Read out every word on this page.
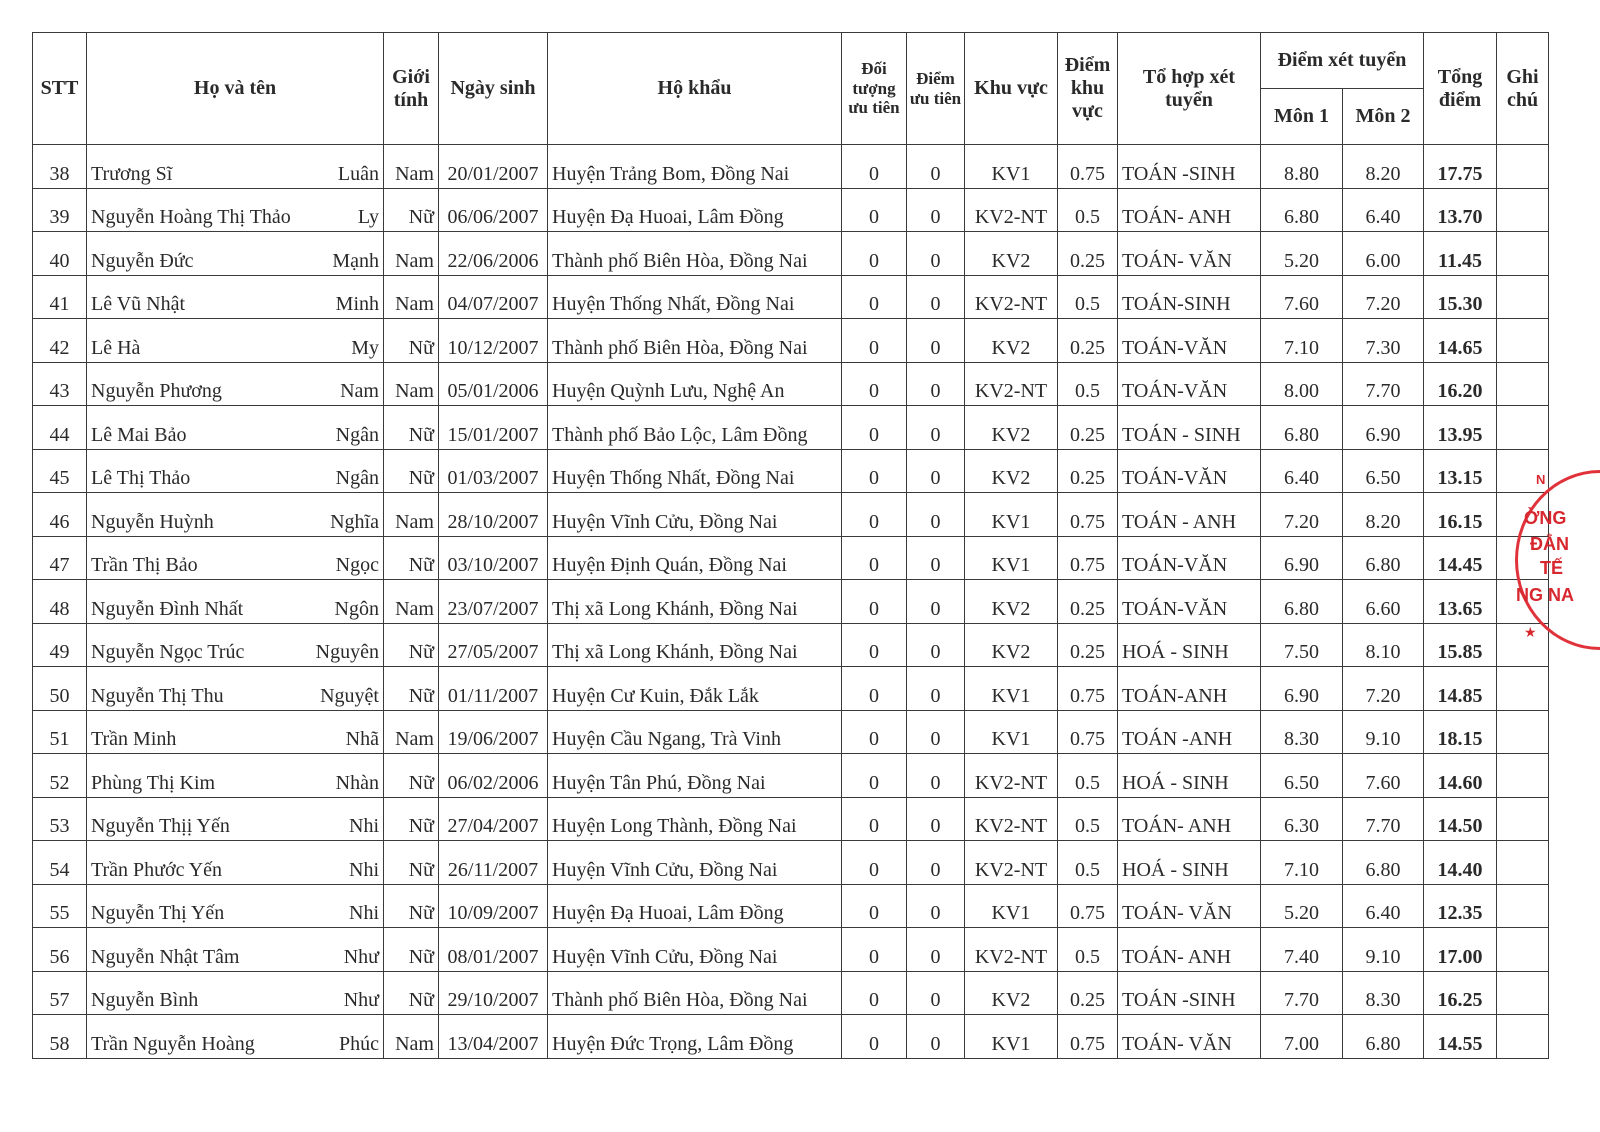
STT	Họ và tên	Giới tính	Ngày sinh	Hộ khẩu	Đối tượng ưu tiên	Điểm ưu tiên	Khu vực	Điểm khu vực	Tổ hợp xét tuyển	Điểm xét tuyển		Tổng điểm	Ghi chú
										Môn 1	Môn 2		
38	Trương Sĩ Luân	Nam	20/01/2007	Huyện Trảng Bom, Đồng Nai	0	0	KV1	0.75	TOÁN -SINH	8.80	8.20	17.75	
39	Nguyễn Hoàng Thị Thảo Ly	Nữ	06/06/2007	Huyện Đạ Huoai, Lâm Đồng	0	0	KV2-NT	0.5	TOÁN- ANH	6.80	6.40	13.70	
40	Nguyễn Đức Mạnh	Nam	22/06/2006	Thành phố Biên Hòa, Đồng Nai	0	0	KV2	0.25	TOÁN- VĂN	5.20	6.00	11.45	
41	Lê Vũ Nhật Minh	Nam	04/07/2007	Huyện Thống Nhất, Đồng Nai	0	0	KV2-NT	0.5	TOÁN-SINH	7.60	7.20	15.30	
42	Lê Hà My	Nữ	10/12/2007	Thành phố Biên Hòa, Đồng Nai	0	0	KV2	0.25	TOÁN-VĂN	7.10	7.30	14.65	
43	Nguyễn Phương Nam	Nam	05/01/2006	Huyện Quỳnh Lưu, Nghệ An	0	0	KV2-NT	0.5	TOÁN-VĂN	8.00	7.70	16.20	
44	Lê Mai Bảo Ngân	Nữ	15/01/2007	Thành phố Bảo Lộc, Lâm Đồng	0	0	KV2	0.25	TOÁN - SINH	6.80	6.90	13.95	
45	Lê Thị Thảo Ngân	Nữ	01/03/2007	Huyện Thống Nhất, Đồng Nai	0	0	KV2	0.25	TOÁN-VĂN	6.40	6.50	13.15	
46	Nguyễn Huỳnh Nghĩa	Nam	28/10/2007	Huyện Vĩnh Cửu, Đồng Nai	0	0	KV1	0.75	TOÁN - ANH	7.20	8.20	16.15	
47	Trần Thị Bảo Ngọc	Nữ	03/10/2007	Huyện Định Quán, Đồng Nai	0	0	KV1	0.75	TOÁN-VĂN	6.90	6.80	14.45	
48	Nguyễn Đình Nhất Ngôn	Nam	23/07/2007	Thị xã Long Khánh, Đồng Nai	0	0	KV2	0.25	TOÁN-VĂN	6.80	6.60	13.65	
49	Nguyễn Ngọc Trúc Nguyên	Nữ	27/05/2007	Thị xã Long Khánh, Đồng Nai	0	0	KV2	0.25	HOÁ - SINH	7.50	8.10	15.85	
50	Nguyễn Thị Thu Nguyệt	Nữ	01/11/2007	Huyện Cư Kuin, Đắk Lắk	0	0	KV1	0.75	TOÁN-ANH	6.90	7.20	14.85	
51	Trần Minh Nhã	Nam	19/06/2007	Huyện Cầu Ngang, Trà Vinh	0	0	KV1	0.75	TOÁN -ANH	8.30	9.10	18.15	
52	Phùng Thị Kim Nhàn	Nữ	06/02/2006	Huyện Tân Phú, Đồng Nai	0	0	KV2-NT	0.5	HOÁ - SINH	6.50	7.60	14.60	
53	Nguyễn Thịị Yến Nhi	Nữ	27/04/2007	Huyện Long Thành, Đồng Nai	0	0	KV2-NT	0.5	TOÁN- ANH	6.30	7.70	14.50	
54	Trần Phước Yến Nhi	Nữ	26/11/2007	Huyện Vĩnh Cửu, Đồng Nai	0	0	KV2-NT	0.5	HOÁ - SINH	7.10	6.80	14.40	
55	Nguyễn Thị Yến Nhi	Nữ	10/09/2007	Huyện Đạ Huoai, Lâm Đồng	0	0	KV1	0.75	TOÁN- VĂN	5.20	6.40	12.35	
56	Nguyễn Nhật Tâm Như	Nữ	08/01/2007	Huyện Vĩnh Cửu, Đồng Nai	0	0	KV2-NT	0.5	TOÁN- ANH	7.40	9.10	17.00	
57	Nguyễn Bình Như	Nữ	29/10/2007	Thành phố Biên Hòa, Đồng Nai	0	0	KV2	0.25	TOÁN -SINH	7.70	8.30	16.25	
58	Trần Nguyễn Hoàng Phúc	Nam	13/04/2007	Huyện Đức Trọng, Lâm Đồng	0	0	KV1	0.75	TOÁN- VĂN	7.00	6.80	14.55	
N
ỜNG
ĐẲN
TẾ
NG NA
★
